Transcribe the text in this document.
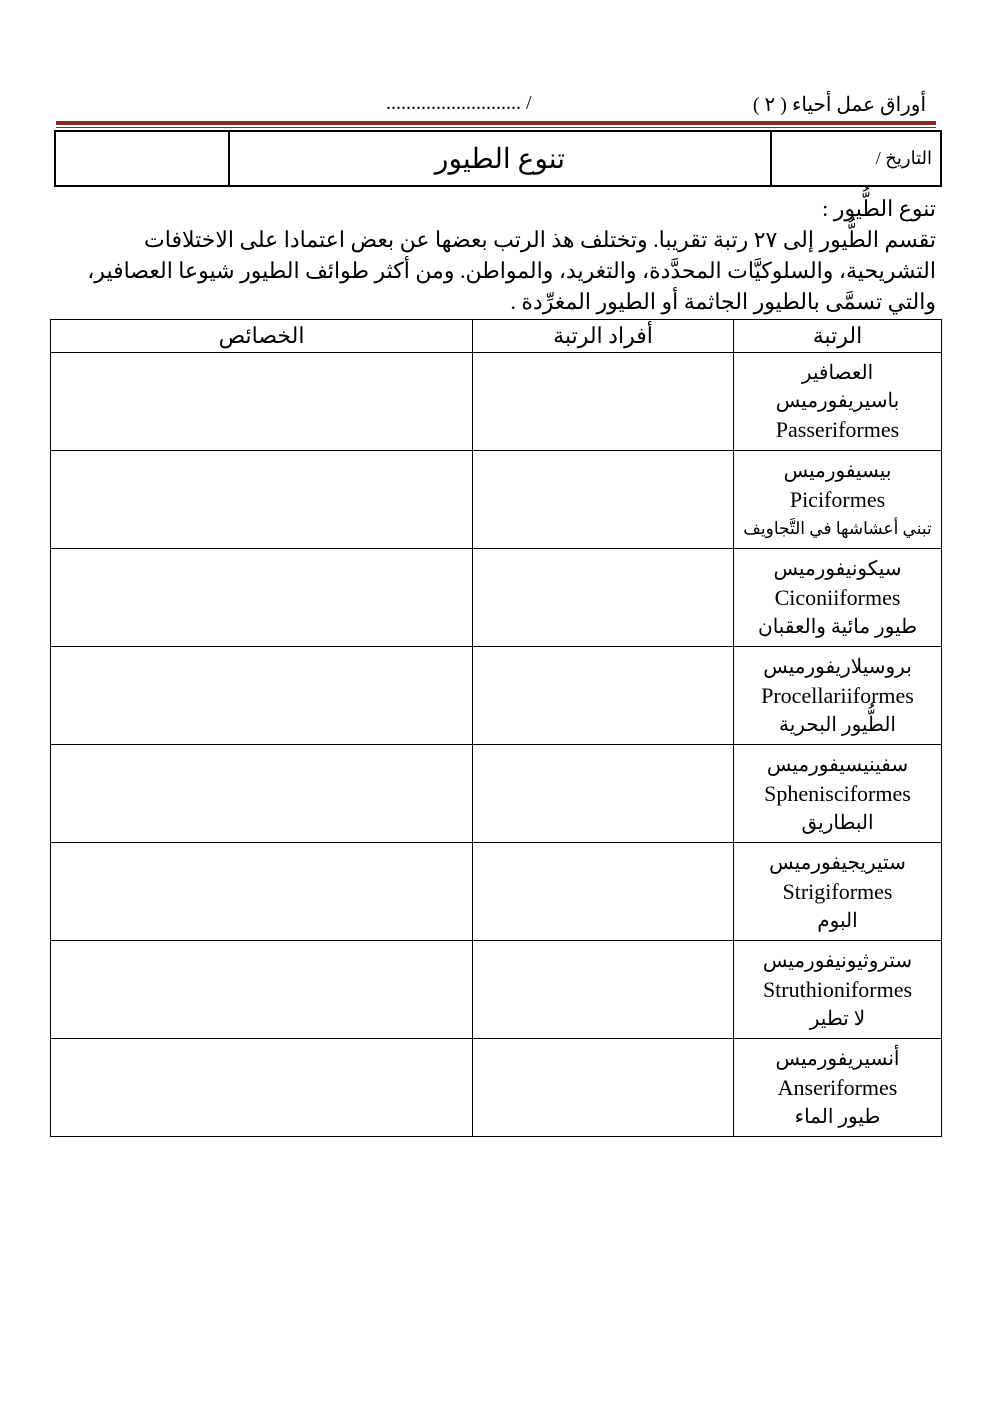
أوراق عمل أحياء ( ٢ )
........................... /
التاريخ /	تنوع الطيور	

تنوع الطُّيور :

تقسم الطُّيور إلى ٢٧ رتبة تقريبا. وتختلف هذ الرتب بعضها عن بعض اعتمادا على الاختلافات

التشريحية، والسلوكيَّات المحدَّدة، والتغريد، والمواطن. ومن أكثر طوائف الطيور شيوعا العصافير،

والتي تسمَّى بالطيور الجاثمة أو الطيور المغرِّدة .

الرتبة	أفراد الرتبة	الخصائص

العصافير
باسيريفورميس
Passeriformes		

بيسيفورميس
Piciformes
تبني أعشاشها في التَّجاويف		

سيكونيفورميس
Ciconiiformes
طيور مائية والعقبان		

بروسيلاريفورميس
Procellariiformes
الطُّيور البحرية		

سفينيسيفورميس
Sphenisciformes
البطاريق		

ستيريجيفورميس
Strigiformes
البوم		

ستروثيونيفورميس
Struthioniformes
لا تطير		

أنسيريفورميس
Anseriformes
طيور الماء		
